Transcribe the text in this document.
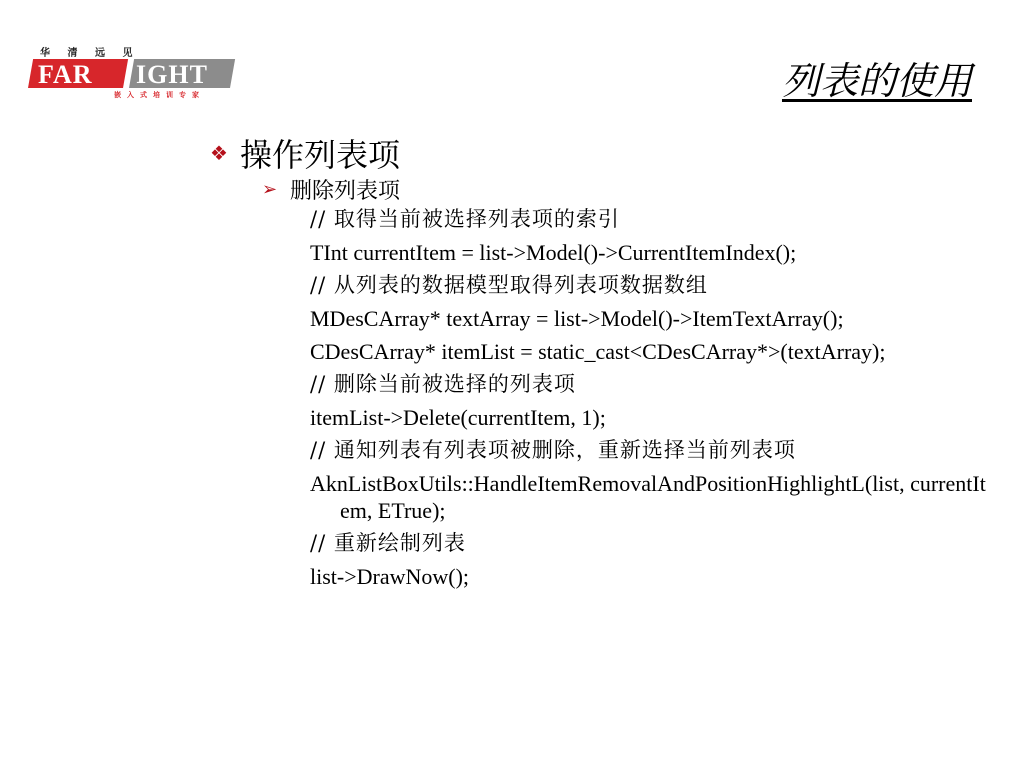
华 清 远 见
FAR IGHT
嵌入式培训专家	列表的使用
❖ 操作列表项
➢ 删除列表项
// 取得当前被选择列表项的索引
TInt currentItem = list->Model()->CurrentItemIndex();
// 从列表的数据模型取得列表项数据数组
MDesCArray* textArray = list->Model()->ItemTextArray();
CDesCArray* itemList = static_cast<CDesCArray*>(textArray);
// 删除当前被选择的列表项
itemList->Delete(currentItem, 1);
// 通知列表有列表项被删除，重新选择当前列表项
AknListBoxUtils::HandleItemRemovalAndPositionHighlightL(list, currentItem, ETrue);
// 重新绘制列表
list->DrawNow();
